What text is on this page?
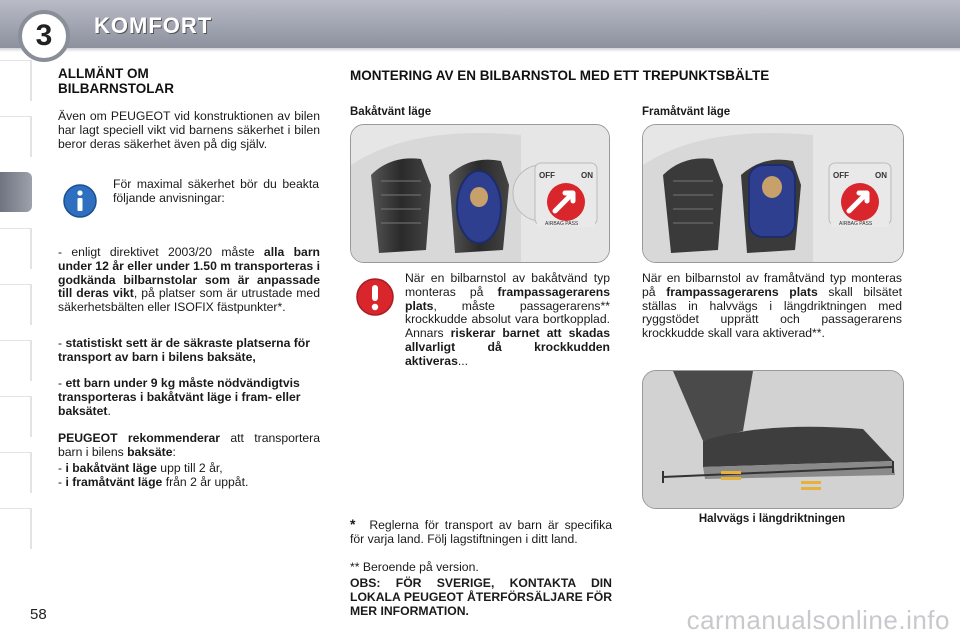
3	KOMFORT
ALLMÄNT OM
BILBARNSTOLAR

Även om PEUGEOT vid konstruktionen av bilen har lagt speciell vikt vid barnens säkerhet i bilen beror deras säkerhet även på dig själv.

För maximal säkerhet bör du beakta följande anvisningar:
- enligt direktivet 2003/20 måste alla barn under 12 år eller under 1.50 m transporteras i godkända bilbarnstolar som är anpassade till deras vikt, på platser som är utrustade med säkerhetsbälten eller ISOFIX fästpunkter*.
- statistiskt sett är de säkraste platserna för transport av barn i bilens baksäte,
- ett barn under 9 kg måste nödvändigtvis transporteras i bakåtvänt läge i fram- eller baksätet.
PEUGEOT rekommenderar att transportera barn i bilens baksäte:
- i bakåtvänt läge upp till 2 år,
- i framåtvänt läge från 2 år uppåt.
MONTERING AV EN BILBARNSTOL MED ETT TREPUNKTSBÄLTE
Bakåtvänt läge
OFF	ON
AIRBAG PASS
När en bilbarnstol av bakåtvänd typ monteras på frampassagerarens plats, måste passagerarens** krockkudde absolut vara bortkopplad. Annars riskerar barnet att skadas allvarligt då krockkudden aktiveras...
Framåtvänt läge
OFF	ON
AIRBAG PASS
När en bilbarnstol av framåtvänd typ monteras på frampassagerarens plats skall bilsätet ställas in halvvägs i längdriktningen med ryggstödet upprätt och passagerarens krockkudde skall vara aktiverad**.
Halvvägs i längdriktningen
* Reglerna för transport av barn är specifika för varja land. Följ lagstiftningen i ditt land.
** Beroende på version.
OBS: FÖR SVERIGE, KONTAKTA DIN LOKALA PEUGEOT ÅTERFÖRSÄLJARE FÖR MER INFORMATION.
58	carmanualsonline.info
